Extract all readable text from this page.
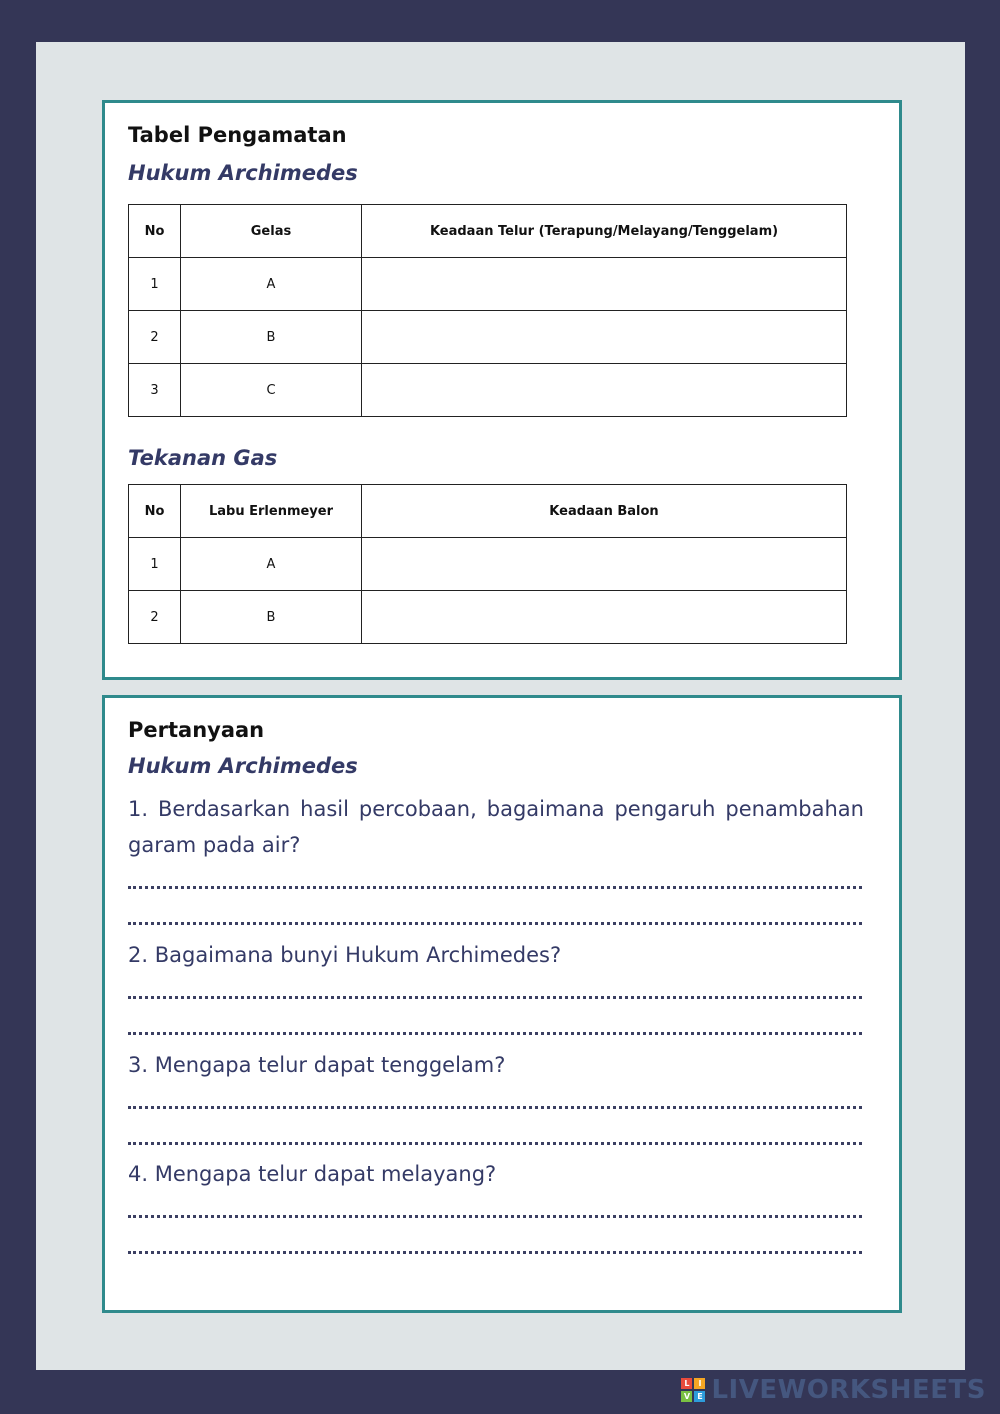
Tabel Pengamatan
Hukum Archimedes
No	Gelas	Keadaan Telur (Terapung/Melayang/Tenggelam)
1	A	
2	B	
3	C	
Tekanan Gas
No	Labu Erlenmeyer	Keadaan Balon
1	A	
2	B	
Pertanyaan
Hukum Archimedes

1. Berdasarkan hasil percobaan, bagaimana pengaruh penambahan garam pada air?

2. Bagaimana bunyi Hukum Archimedes?

3. Mengapa telur dapat tenggelam?

4. Mengapa telur dapat melayang?

L	I
V E LIVEWORKSHEETS
